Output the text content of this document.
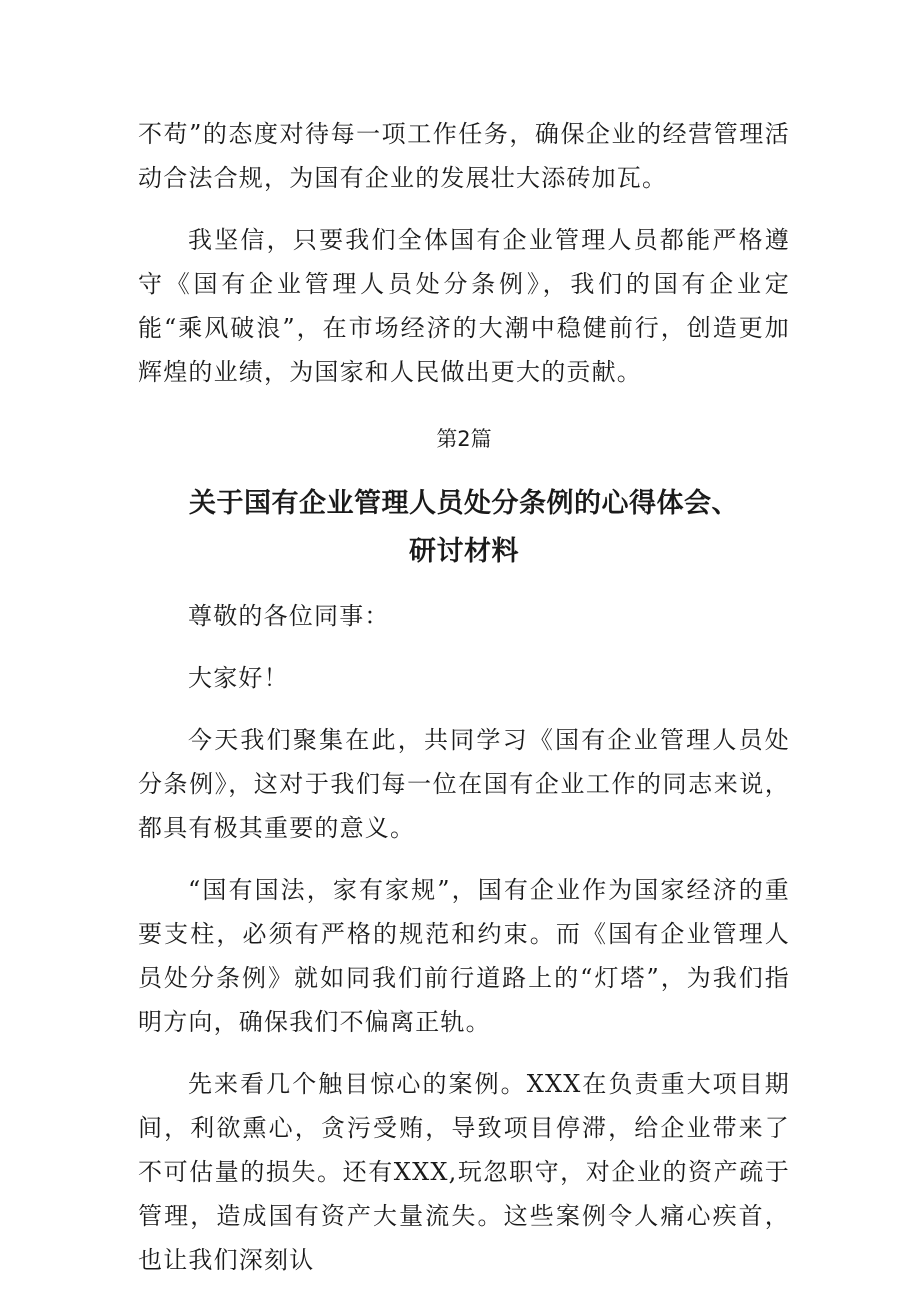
不苟”的态度对待每一项工作任务，确保企业的经营管理活动合法合规，为国有企业的发展壮大添砖加瓦。

我坚信，只要我们全体国有企业管理人员都能严格遵守《国有企业管理人员处分条例》，我们的国有企业定能“乘风破浪”，在市场经济的大潮中稳健前行，创造更加辉煌的业绩，为国家和人民做出更大的贡献。

第2篇
关于国有企业管理人员处分条例的心得体会、
研讨材料

尊敬的各位同事：

大家好！

今天我们聚集在此，共同学习《国有企业管理人员处分条例》，这对于我们每一位在国有企业工作的同志来说，都具有极其重要的意义。

“国有国法，家有家规”，国有企业作为国家经济的重要支柱，必须有严格的规范和约束。而《国有企业管理人员处分条例》就如同我们前行道路上的“灯塔”，为我们指明方向，确保我们不偏离正轨。

先来看几个触目惊心的案例。XXX在负责重大项目期间，利欲熏心，贪污受贿，导致项目停滞，给企业带来了不可估量的损失。还有XXX,玩忽职守，对企业的资产疏于管理，造成国有资产大量流失。这些案例令人痛心疾首，也让我们深刻认
